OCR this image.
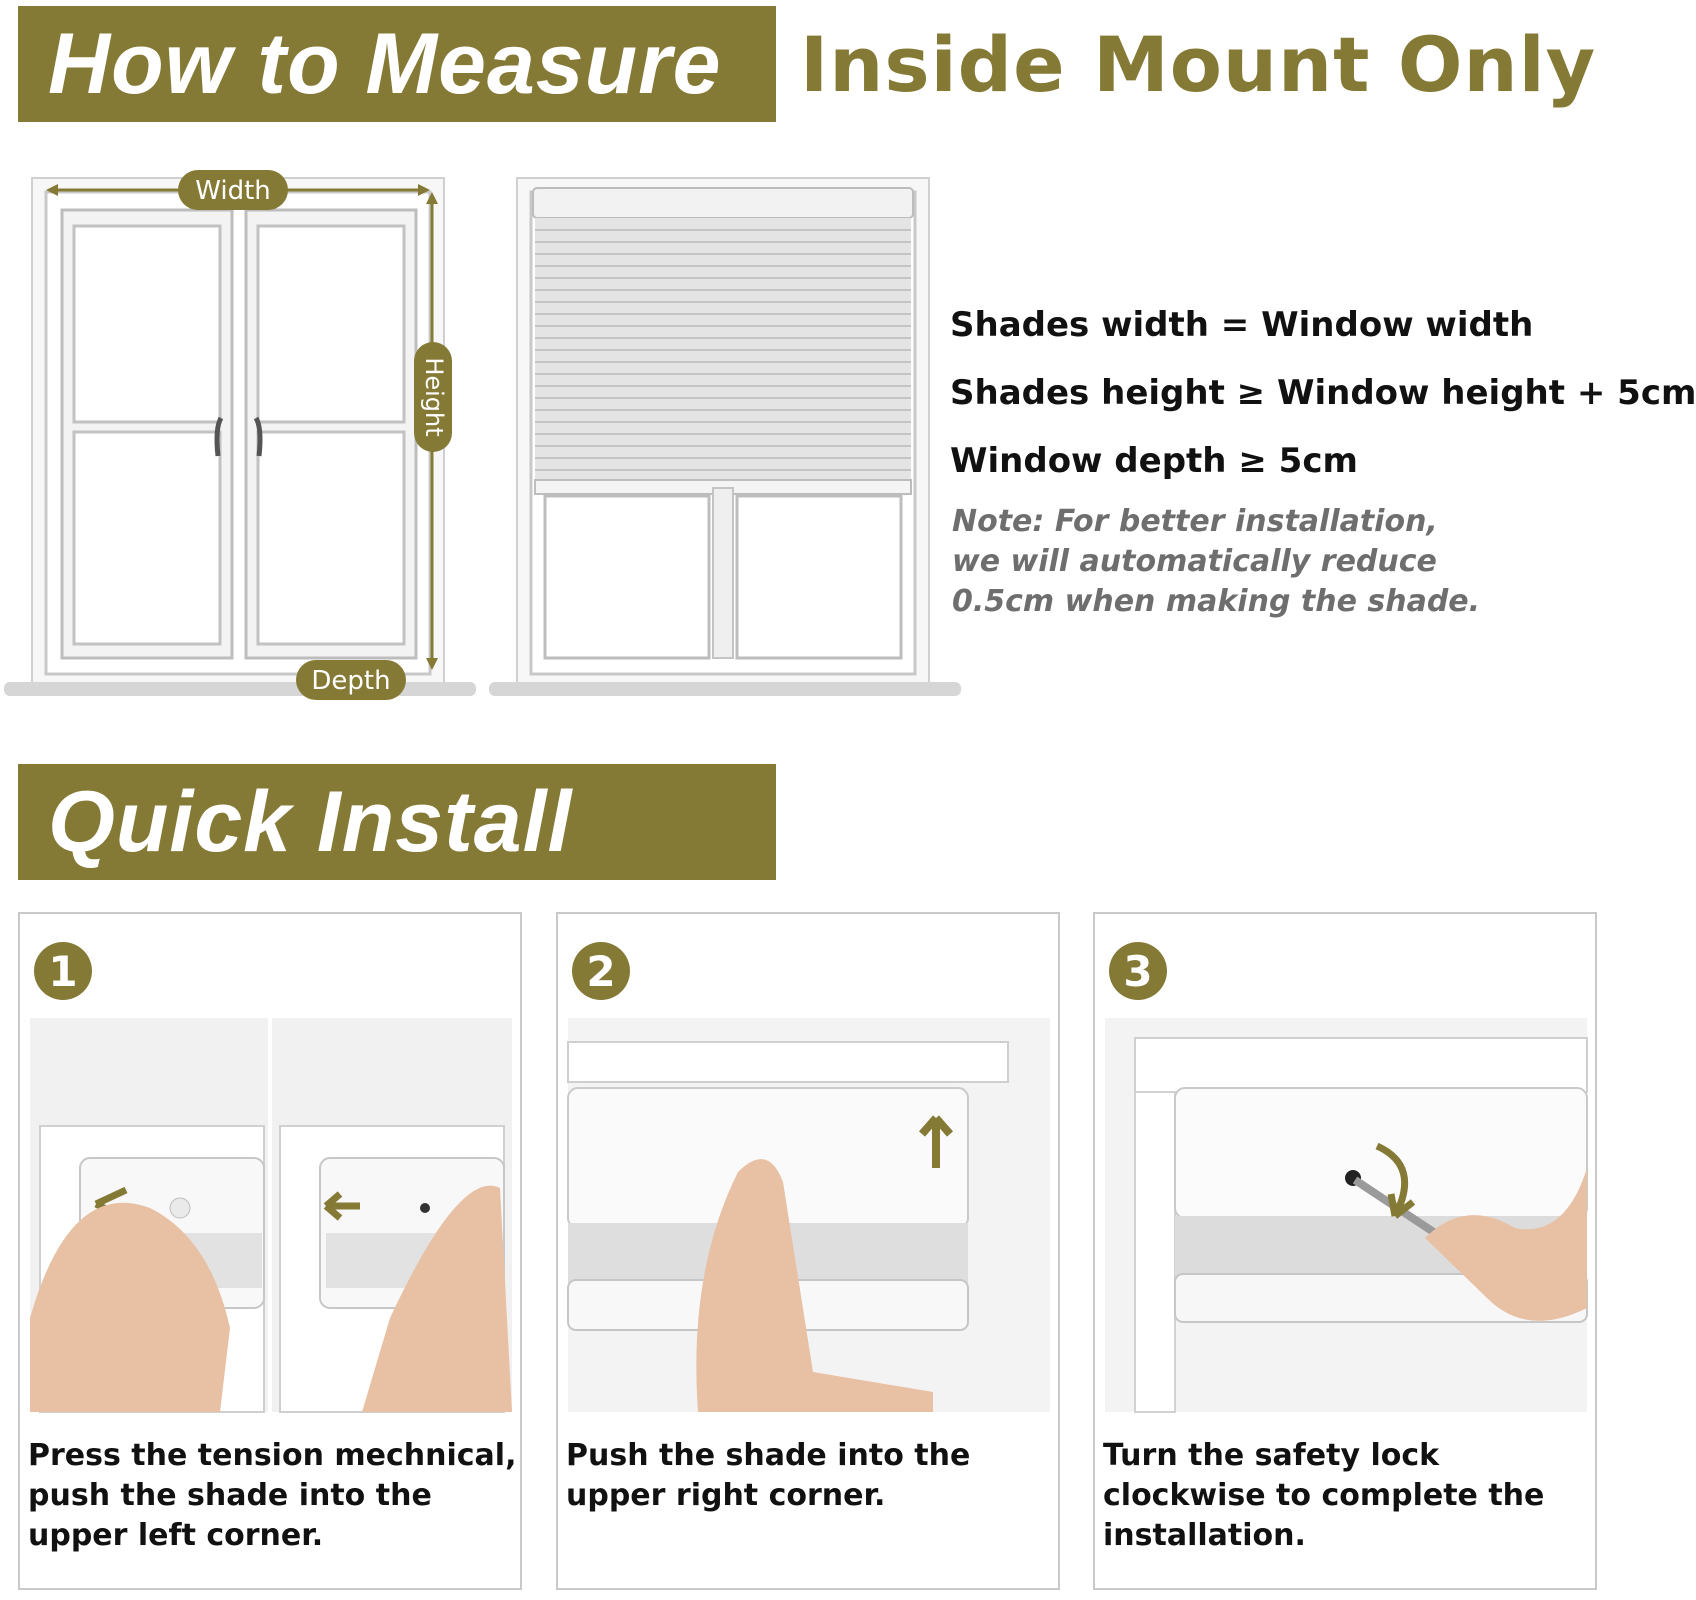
How to Measure Inside Mount Only
Width
Height
Depth
Shades width = Window width
Shades height ≥ Window height + 5cm
Window depth ≥ 5cm
Note: For better installation, we will automatically reduce 0.5cm when making the shade.
Quick Install
1
Press the tension mechnical, push the shade into the upper left corner.
2
Push the shade into the upper right corner.
3
Turn the safety lock clockwise to complete the installation.
